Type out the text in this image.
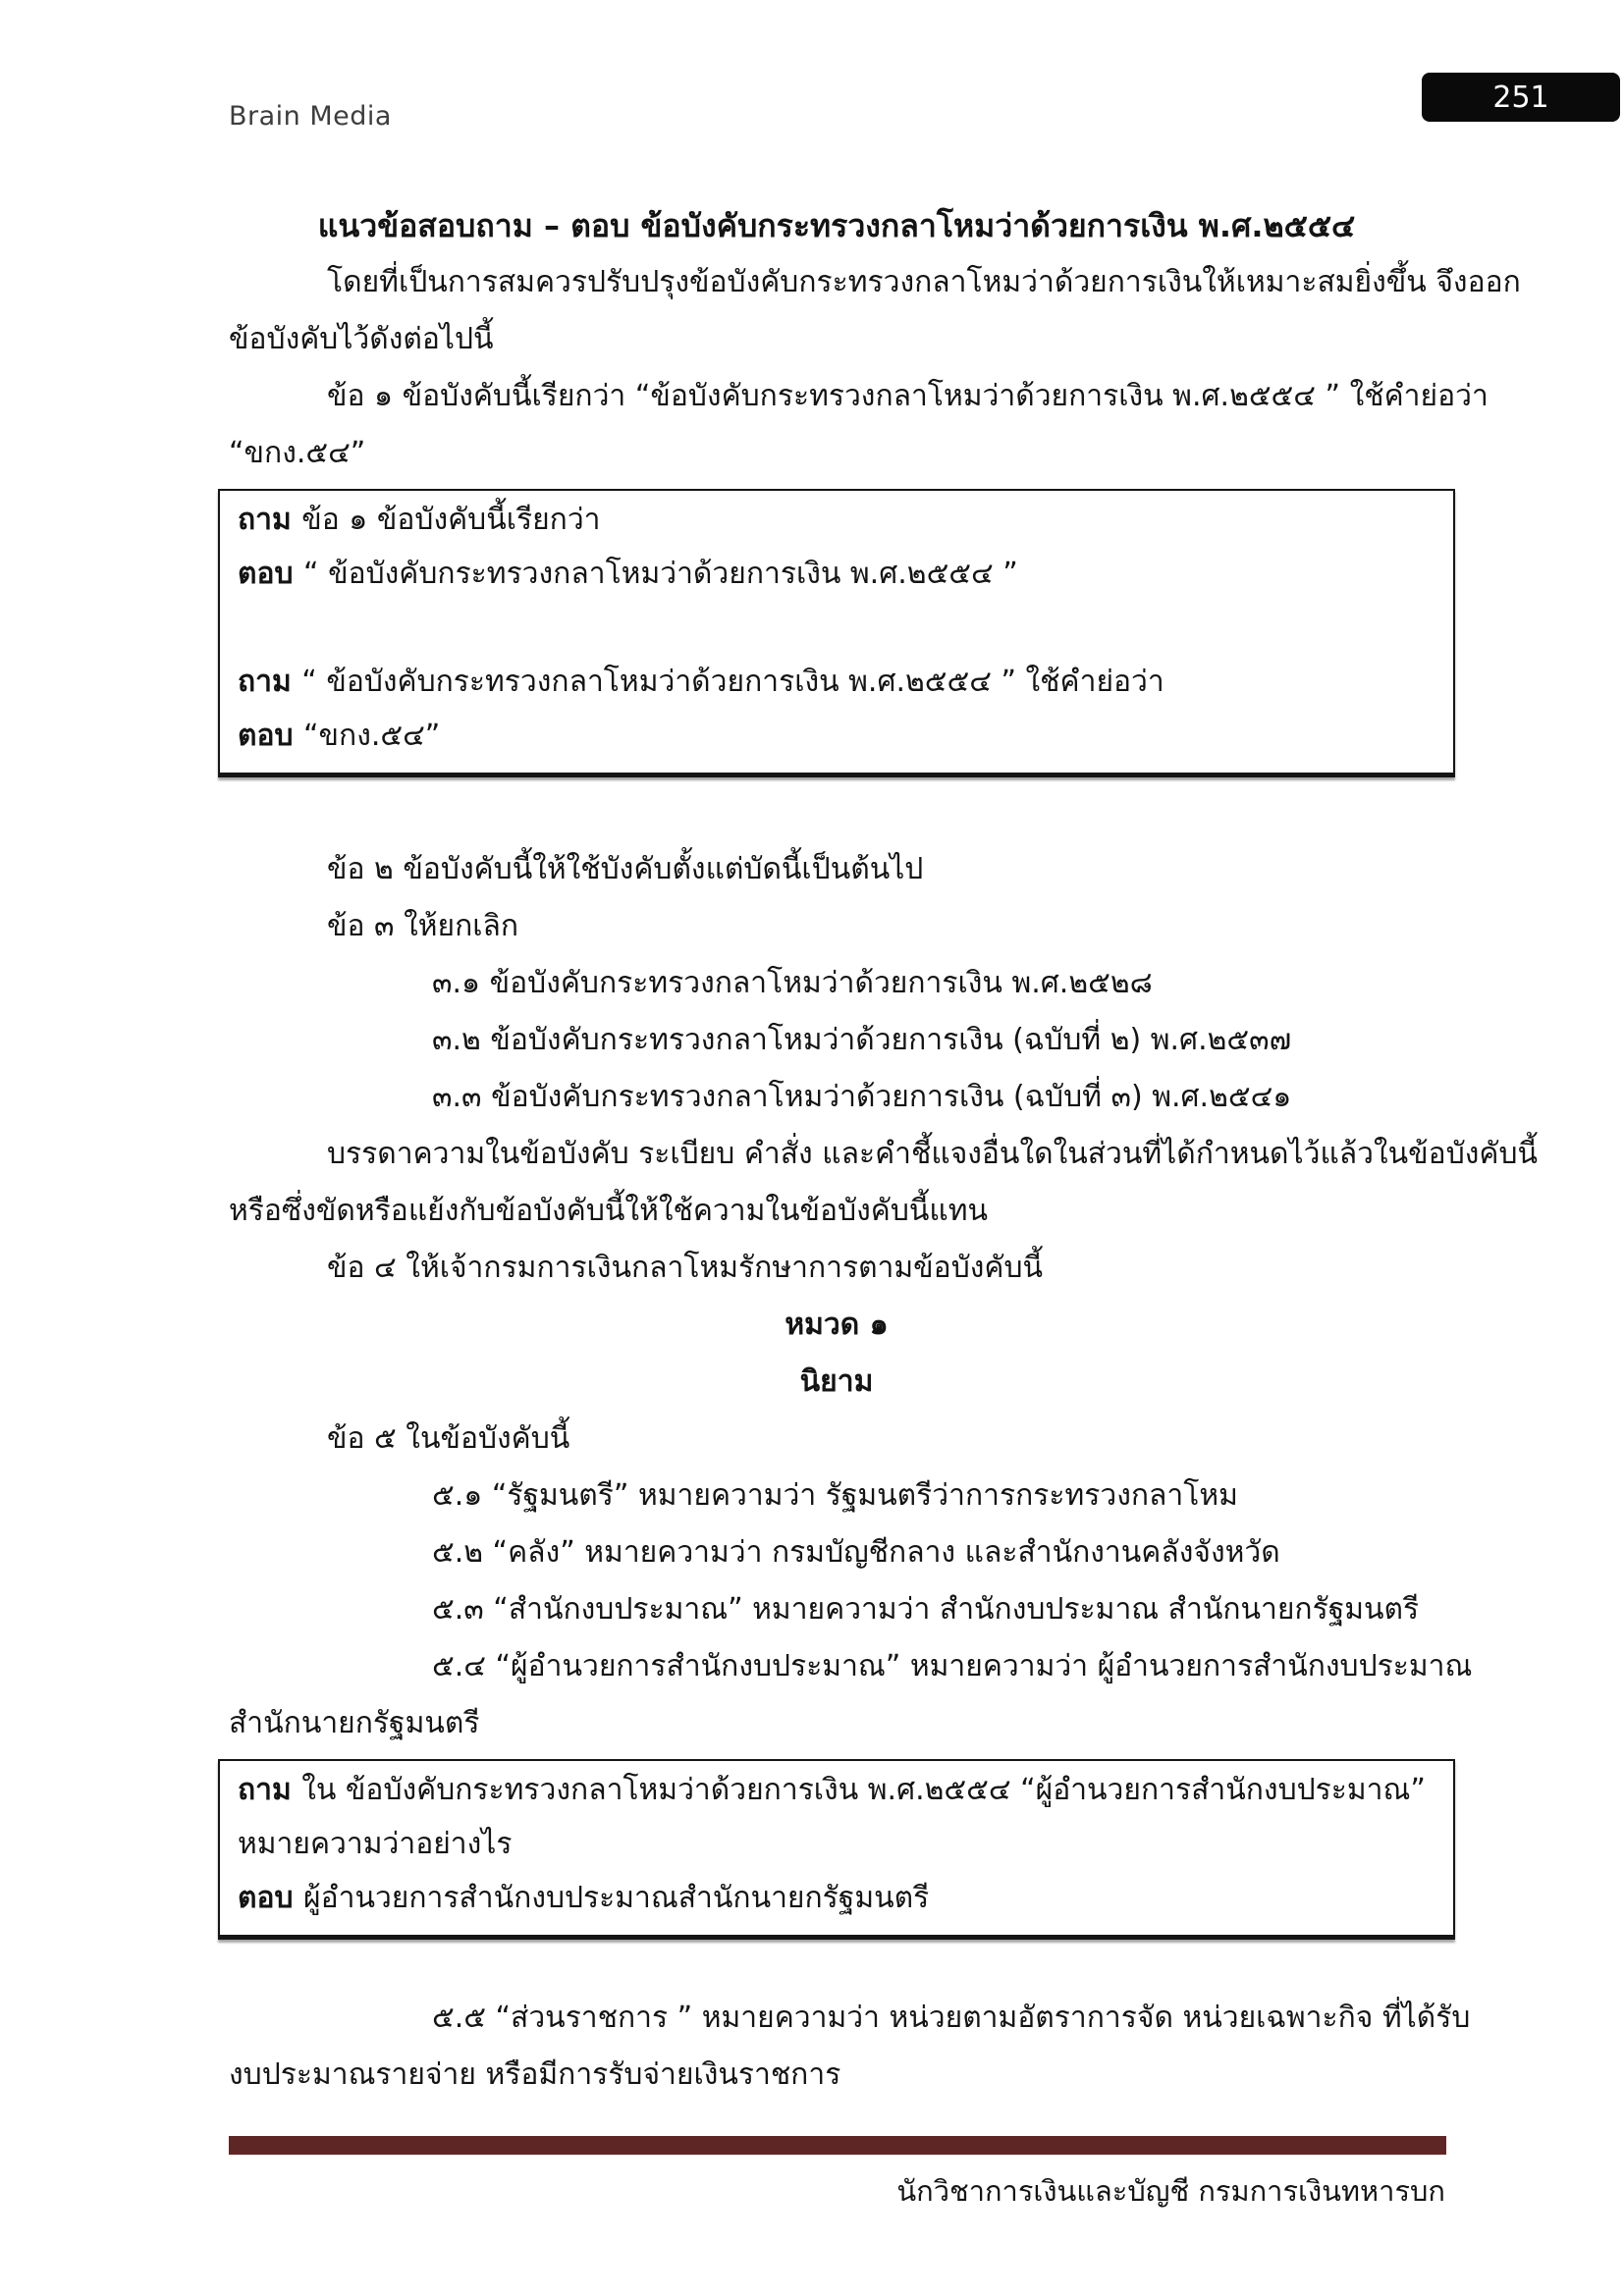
Brain Media
251
แนวข้อสอบถาม – ตอบ ข้อบังคับกระทรวงกลาโหมว่าด้วยการเงิน พ.ศ.๒๕๕๔
โดยที่เป็นการสมควรปรับปรุงข้อบังคับกระทรวงกลาโหมว่าด้วยการเงินให้เหมาะสมยิ่งขึ้น จึงออก
ข้อบังคับไว้ดังต่อไปนี้
ข้อ ๑ ข้อบังคับนี้เรียกว่า “ข้อบังคับกระทรวงกลาโหมว่าด้วยการเงิน พ.ศ.๒๕๕๔ ” ใช้คำย่อว่า
“ขกง.๕๔”
ถาม ข้อ ๑ ข้อบังคับนี้เรียกว่า
ตอบ “ ข้อบังคับกระทรวงกลาโหมว่าด้วยการเงิน พ.ศ.๒๕๕๔ ”
ถาม “ ข้อบังคับกระทรวงกลาโหมว่าด้วยการเงิน พ.ศ.๒๕๕๔ ” ใช้คำย่อว่า
ตอบ “ขกง.๕๔”
ข้อ ๒ ข้อบังคับนี้ให้ใช้บังคับตั้งแต่บัดนี้เป็นต้นไป
ข้อ ๓ ให้ยกเลิก
๓.๑ ข้อบังคับกระทรวงกลาโหมว่าด้วยการเงิน พ.ศ.๒๕๒๘
๓.๒ ข้อบังคับกระทรวงกลาโหมว่าด้วยการเงิน (ฉบับที่ ๒) พ.ศ.๒๕๓๗
๓.๓ ข้อบังคับกระทรวงกลาโหมว่าด้วยการเงิน (ฉบับที่ ๓) พ.ศ.๒๕๔๑
บรรดาความในข้อบังคับ ระเบียบ คำสั่ง และคำชี้แจงอื่นใดในส่วนที่ได้กำหนดไว้แล้วในข้อบังคับนี้
หรือซึ่งขัดหรือแย้งกับข้อบังคับนี้ให้ใช้ความในข้อบังคับนี้แทน
ข้อ ๔ ให้เจ้ากรมการเงินกลาโหมรักษาการตามข้อบังคับนี้
หมวด ๑
นิยาม
ข้อ ๕ ในข้อบังคับนี้
๕.๑ “รัฐมนตรี” หมายความว่า รัฐมนตรีว่าการกระทรวงกลาโหม
๕.๒ “คลัง” หมายความว่า กรมบัญชีกลาง และสำนักงานคลังจังหวัด
๕.๓ “สำนักงบประมาณ” หมายความว่า สำนักงบประมาณ สำนักนายกรัฐมนตรี
๕.๔ “ผู้อำนวยการสำนักงบประมาณ” หมายความว่า ผู้อำนวยการสำนักงบประมาณ
สำนักนายกรัฐมนตรี
ถาม ใน ข้อบังคับกระทรวงกลาโหมว่าด้วยการเงิน พ.ศ.๒๕๕๔ “ผู้อำนวยการสำนักงบประมาณ”
หมายความว่าอย่างไร
ตอบ ผู้อำนวยการสำนักงบประมาณสำนักนายกรัฐมนตรี
๕.๕ “ส่วนราชการ ” หมายความว่า หน่วยตามอัตราการจัด หน่วยเฉพาะกิจ ที่ได้รับ
งบประมาณรายจ่าย หรือมีการรับจ่ายเงินราชการ
นักวิชาการเงินและบัญชี กรมการเงินทหารบก
